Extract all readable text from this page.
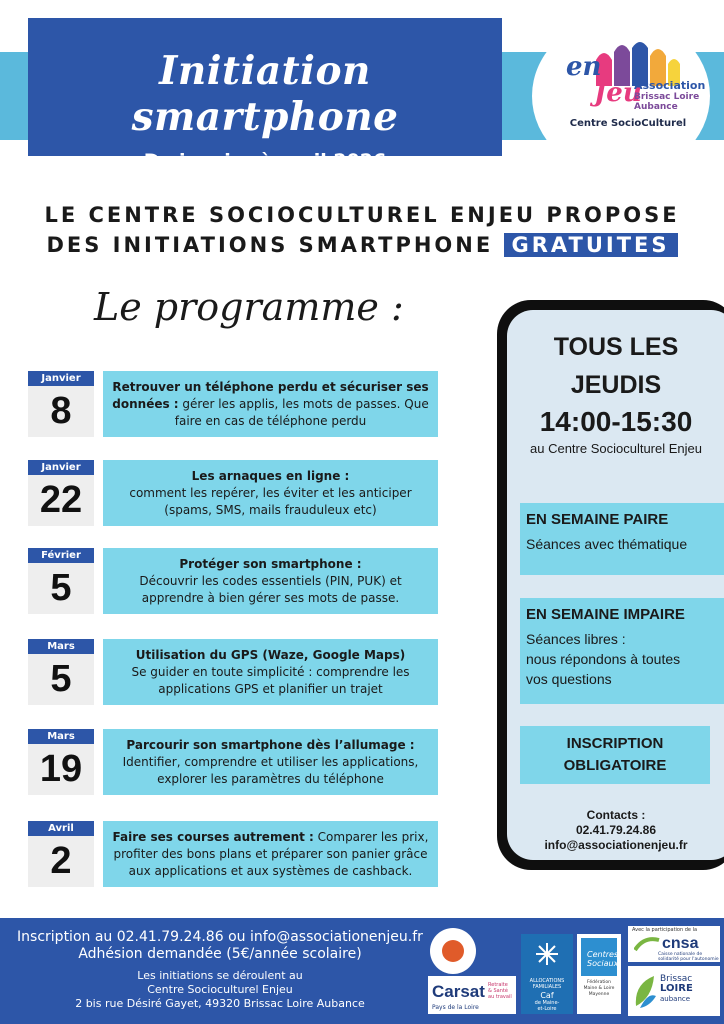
Initiation smartphone
De janvier à avril 2026
en
Jeu
Association
Brissac Loire
Aubance
Centre SocioCulturel
LE CENTRE SOCIOCULTUREL ENJEU PROPOSE
DES INITIATIONS SMARTPHONE GRATUITES
Le programme :
Janvier
8
Retrouver un téléphone perdu et sécuriser ses données : gérer les applis, les mots de passes. Que faire en cas de téléphone perdu
Janvier
22
Les arnaques en ligne :
comment les repérer, les éviter et les anticiper (spams, SMS, mails frauduleux etc)
Février
5
Protéger son smartphone :
Découvrir les codes essentiels (PIN, PUK) et apprendre à bien gérer ses mots de passe.
Mars
5
Utilisation du GPS (Waze, Google Maps)
Se guider en toute simplicité : comprendre les applications GPS et planifier un trajet
Mars
19
Parcourir son smartphone dès l’allumage :
Identifier, comprendre et utiliser les applications, explorer les paramètres du téléphone
Avril
2
Faire ses courses autrement : Comparer les prix, profiter des bons plans et préparer son panier grâce aux applications et aux systèmes de cashback.
TOUS LES
JEUDIS
14:00-15:30
au Centre Socioculturel Enjeu
EN SEMAINE PAIRE
Séances avec thématique
EN SEMAINE IMPAIRE
Séances libres :
nous répondons à toutes
vos questions
INSCRIPTION
OBLIGATOIRE
Contacts :
02.41.79.24.86
info@associationenjeu.fr
Inscription au 02.41.79.24.86 ou info@associationenjeu.fr
Adhésion demandée (5€/année scolaire)
Les initiations se déroulent au
Centre Socioculturel Enjeu
2 bis rue Désiré Gayet, 49320 Brissac Loire Aubance
Carsat
Pays de la Loire
Retraite
& Santé
au travail
ALLOCATIONS
FAMILIALES
Caf
de Maine-
et-Loire
Centres Sociaux
Fédération
Maine & Loire
Mayenne
Avec la participation de la
cnsa
Caisse nationale de solidarité pour l'autonomie
Brissac
LOIRE
aubance
